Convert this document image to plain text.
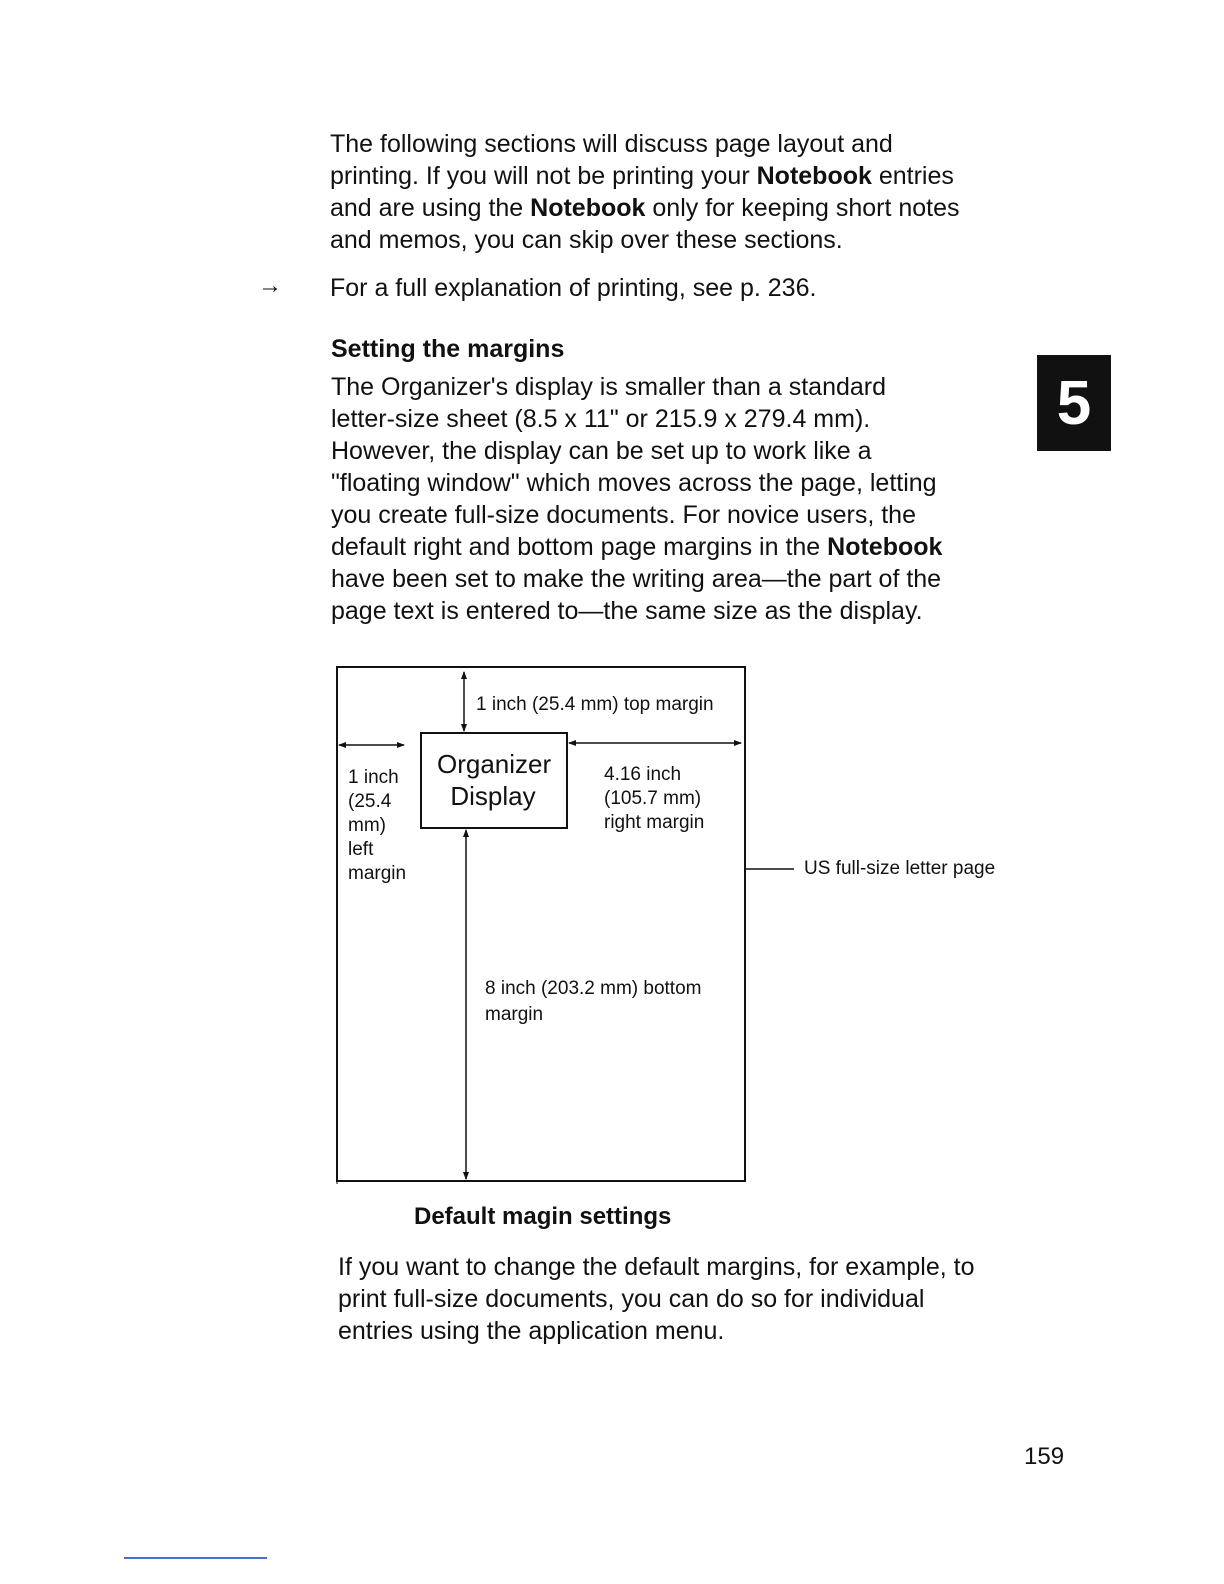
The following sections will discuss page layout and
printing. If you will not be printing your Notebook entries
and are using the Notebook only for keeping short notes
and memos, you can skip over these sections.
→ For a full explanation of printing, see p. 236.
Setting the margins
5
The Organizer's display is smaller than a standard
letter-size sheet (8.5 x 11" or 215.9 x 279.4 mm).
However, the display can be set up to work like a
"floating window" which moves across the page, letting
you create full-size documents. For novice users, the
default right and bottom page margins in the Notebook
have been set to make the writing area—the part of the
page text is entered to—the same size as the display.
1 inch (25.4 mm) top margin
Organizer
Display
1 inch
(25.4
mm)
left
margin
4.16 inch
(105.7 mm)
right margin
8 inch (203.2 mm) bottom
margin
US full-size letter page
Default magin settings
If you want to change the default margins, for example, to
print full-size documents, you can do so for individual
entries using the application menu.
159
